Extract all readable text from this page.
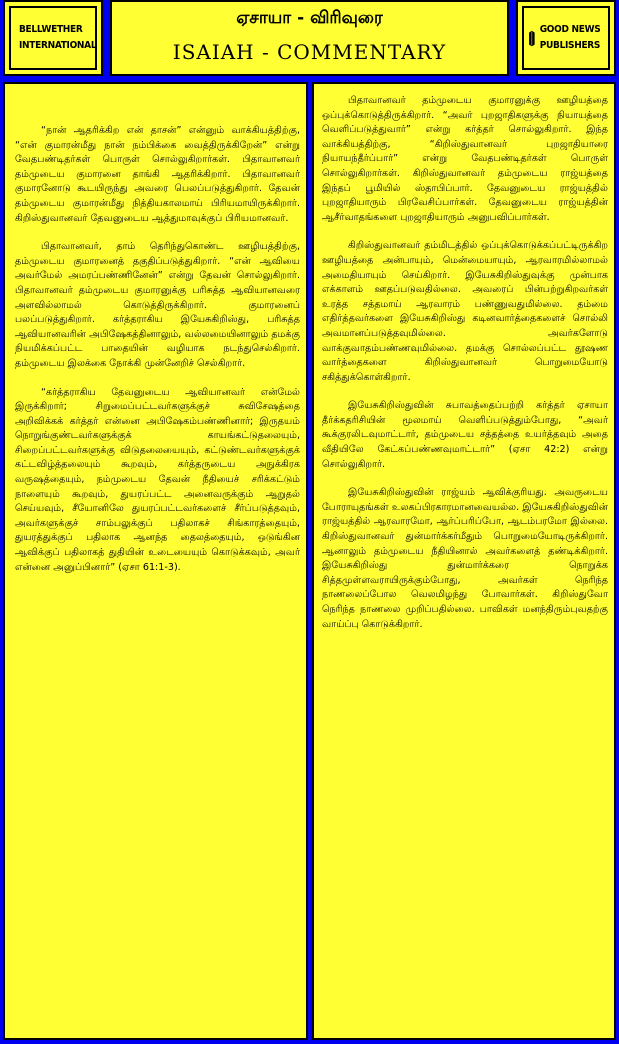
BELLWETHER INTERNATIONAL
ஏசாயா - விரிவுரை
ISAIAH - COMMENTARY
GOOD NEWS PUBLISHERS

“நான் ஆதரிக்கிற என் தாசன்” என்னும் வாக்கியத்திற்கு, “என் குமாரன்மீது நான் நம்பிக்கை வைத்திருக்கிறேன்” என்று வேதபண்டிதர்கள் பொருள் சொல்லுகிறார்கள். பிதாவானவர் தம்முடைய குமாரனை தாங்கி ஆதரிக்கிறார். பிதாவானவர் குமாரனோடு கூடயிருந்து அவரை பெலப்படுத்துகிறார். தேவன் தம்முடைய குமாரன்மீது நித்தியகாலமாய் பிரியமாயிருக்கிறார். கிறிஸ்துவானவர் தேவனுடைய ஆத்துமாவுக்குப் பிரியமானவர்.

பிதாவானவர், தாம் தெரிந்துகொண்ட ஊழியத்திற்கு, தம்முடைய குமாரனைத் தகுதிப்படுத்துகிறார். “என் ஆவியை அவர்மேல் அமரப்பண்ணினேன்” என்று தேவன் சொல்லுகிறார். பிதாவானவர் தம்முடைய குமாரனுக்கு பரிசுத்த ஆவியானவரை அளவில்லாமல் கொடுத்திருக்கிறார். குமாரனைப் பலப்படுத்துகிறார். கர்த்தராகிய இயேசுகிறிஸ்து, பரிசுத்த ஆவியானவரின் அபிஷேகத்தினாலும், வல்லமையினாலும் தமக்கு நியமிக்கப்பட்ட பாதையின் வழியாக நடந்துசெல்கிறார். தம்முடைய இலக்கை நோக்கி முன்னேறிச் செல்கிறார்.

“கர்த்தராகிய தேவனுடைய ஆவியானவர் என்மேல் இருக்கிறார்; சிறுமைப்பட்டவர்களுக்குச் சுவிசேஷத்தை அறிவிக்கக் கர்த்தர் என்னை அபிஷேகம்பண்ணினார்; இருதயம் நொறுங்குண்டவர்களுக்குக் காயங்கட்டுதலையும், சிறைப்பட்டவர்களுக்கு விடுதலையையும், கட்டுண்டவர்களுக்குக் கட்டவிழ்த்தலையும் கூறவும், கர்த்தருடைய அநுக்கிரக வருஷத்தையும், நம்முடைய தேவன் நீதியைச் சரிக்கட்டும் நாளையும் கூறவும், துயரப்பட்ட அனைவருக்கும் ஆறுதல் செய்யவும், சீயோனிலே துயரப்பட்டவர்களைச் சீர்ப்படுத்தவும், அவர்களுக்குச் சாம்பலுக்குப் பதிலாகச் சிங்காரத்தையும், துயரத்துக்குப் பதிலாக ஆனந்த தைலத்தையும், ஒடுங்கின ஆவிக்குப் பதிலாகத் துதியின் உடையையும் கொடுக்கவும், அவர் என்னை அனுப்பினார்” (ஏசா 61:1-3).

பிதாவானவர் தம்முடைய குமாரனுக்கு ஊழியத்தை ஒப்புக்கொடுத்திருக்கிறார். “அவர் புறஜாதிகளுக்கு நியாயத்தை வெளிப்படுத்துவார்” என்று கர்த்தர் சொல்லுகிறார். இந்த வாக்கியத்திற்கு, “கிறிஸ்துவானவர் புறஜாதியாரை நியாயந்தீர்ப்பார்” என்று வேதபண்டிதர்கள் பொருள் சொல்லுகிறார்கள். கிறிஸ்துவானவர் தம்முடைய ராஜ்யத்தை இந்தப் பூமியில் ஸ்தாபிப்பார். தேவனுடைய ராஜ்யத்தில் புறஜாதியாரும் பிரவேசிப்பார்கள். தேவனுடைய ராஜ்யத்தின் ஆசீர்வாதங்களை புறஜாதியாரும் அனுபவிப்பார்கள்.

கிறிஸ்துவானவர் தம்மிடத்தில் ஒப்புக்கொடுக்கப்பட்டிருக்கிற ஊழியத்தை அன்பாயும், மென்மையாயும், ஆரவாரமில்லாமல் அமைதியாயும் செய்கிறார். இயேசுகிறிஸ்துவுக்கு முன்பாக எக்காளம் ஊதப்படுவதில்லை. அவரைப் பின்பற்றுகிறவர்கள் உரத்த சத்தமாய் ஆரவாரம் பண்ணுவதுமில்லை. தம்மை எதிர்த்தவர்களை இயேசுகிறிஸ்து கடினவார்த்தைகளைச் சொல்லி அவமானப்படுத்தவுமில்லை. அவர்களோடு வாக்குவாதம்பண்ணவுமில்லை. தமக்கு சொல்லப்பட்ட தூஷண வார்த்தைகளை கிறிஸ்துவானவர் பொறுமையோடு சகித்துக்கொள்கிறார்.

இயேசுகிறிஸ்துவின் சுபாவத்தைப்பற்றி கர்த்தர் ஏசாயா தீர்க்கதரிசியின் மூலமாய் வெளிப்படுத்தும்போது, “அவர் கூக்குரலிடவுமாட்டார், தம்முடைய சத்தத்தை உயர்த்தவும் அதை வீதியிலே கேட்கப்பண்ணவுமாட்டார்” (ஏசா 42:2) என்று சொல்லுகிறார்.

இயேசுகிறிஸ்துவின் ராஜ்யம் ஆவிக்குரியது. அவருடைய போராயுதங்கள் உலகப்பிரகாரமானவையல்ல. இயேசுகிறிஸ்துவின் ராஜ்யத்தில் ஆரவாரமோ, ஆர்ப்பரிப்போ, ஆடம்பரமோ இல்லை. கிறிஸ்துவானவர் துன்மார்க்கர்மீதும் பொறுமையோடிருக்கிறார். ஆனாலும் தம்முடைய நீதியினால் அவர்களைத் தண்டிக்கிறார். இயேசுகிறிஸ்து துன்மார்க்கரை நொறுக்க சித்தமுள்ளவராயிருக்கும்போது, அவர்கள் நெரிந்த நாணலைப்போல வெலமிழந்து போவார்கள். கிறிஸ்துவோ நெரிந்த நாணலை முறிப்பதில்லை. பாவிகள் மனந்திரும்புவதற்கு வாய்ப்பு கொடுக்கிறார்.
